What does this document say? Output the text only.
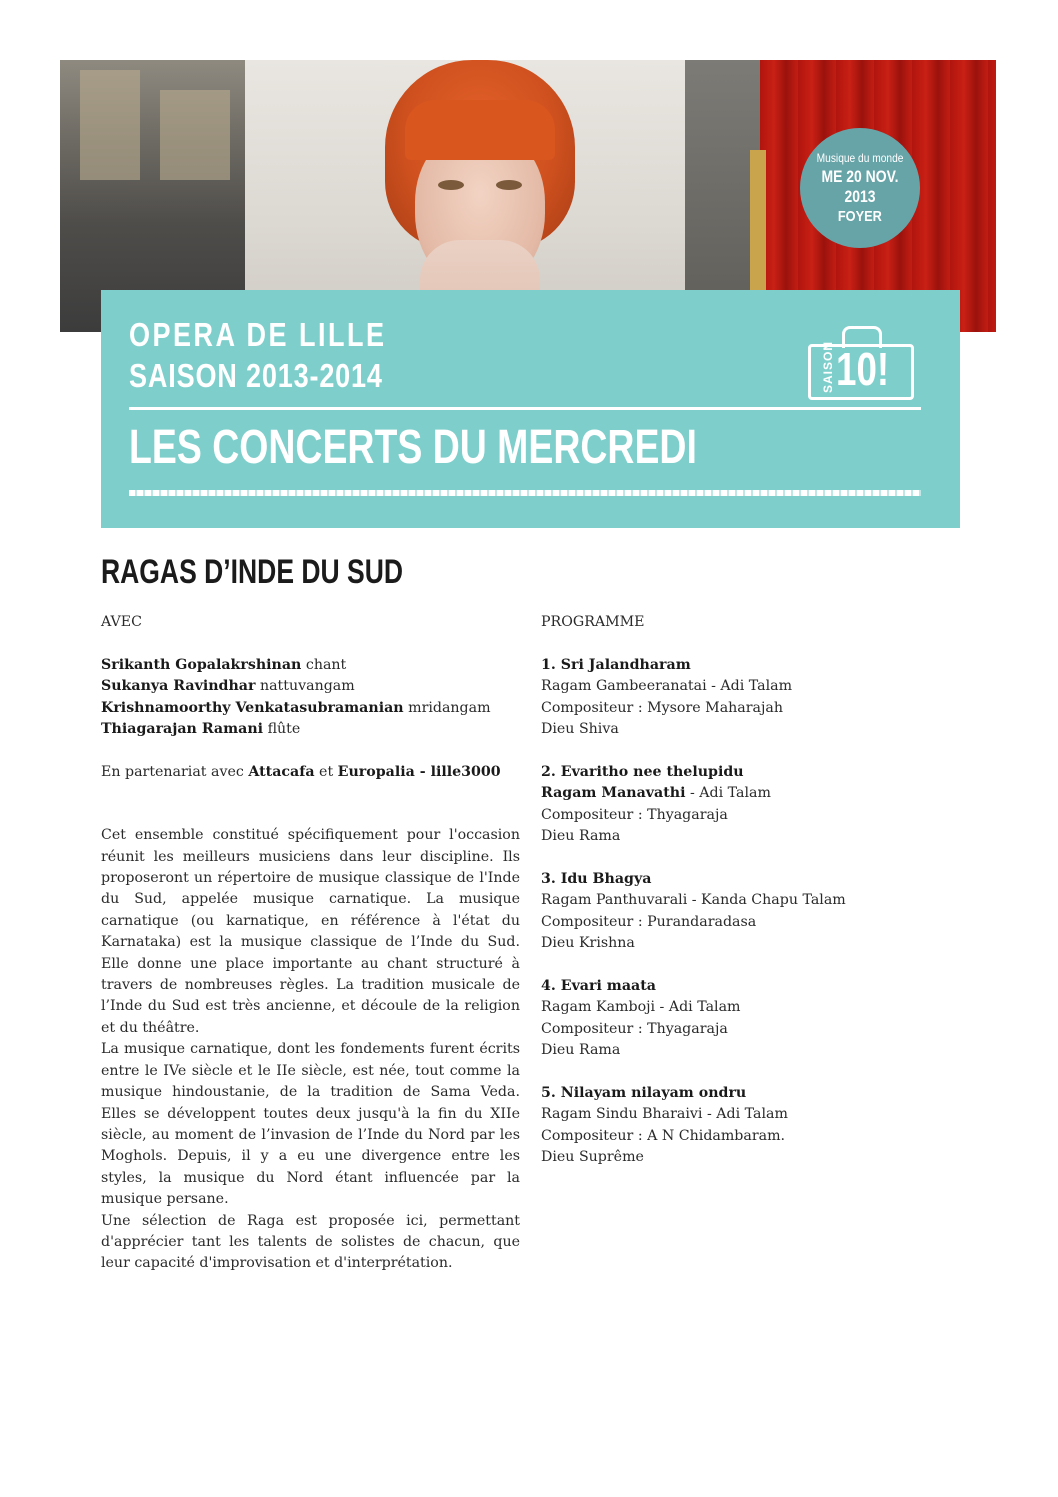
Musique du monde
ME 20 NOV. 2013
FOYER
OPERA DE LILLE
SAISON 2013-2014	SAISON 10!
LES CONCERTS DU MERCREDI
RAGAS D’INDE DU SUD
AVEC
Srikanth Gopalakrshinan chant
Sukanya Ravindhar nattuvangam
Krishnamoorthy Venkatasubramanian mridangam
Thiagarajan Ramani flûte
En partenariat avec Attacafa et Europalia - lille3000

Cet ensemble constitué spécifiquement pour l'occasion réunit les meilleurs musiciens dans leur discipline. Ils proposeront un répertoire de musique classique de l'Inde du Sud, appelée musique carnatique. La musique carnatique (ou karnatique, en référence à l'état du Karnataka) est la musique classique de l’Inde du Sud. Elle donne une place importante au chant structuré à travers de nombreuses règles. La tradition musicale de l’Inde du Sud est très ancienne, et découle de la religion et du théâtre.

La musique carnatique, dont les fondements furent écrits entre le IVe siècle et le IIe siècle, est née, tout comme la musique hindoustanie, de la tradition de Sama Veda. Elles se développent toutes deux jusqu'à la fin du XIIe siècle, au moment de l’invasion de l’Inde du Nord par les Moghols. Depuis, il y a eu une divergence entre les styles, la musique du Nord étant influencée par la musique persane.

Une sélection de Raga est proposée ici, permettant d'apprécier tant les talents de solistes de chacun, que leur capacité d'improvisation et d'interprétation.

PROGRAMME
1. Sri Jalandharam
Ragam Gambeeranatai - Adi Talam
Compositeur : Mysore Maharajah
Dieu Shiva
2. Evaritho nee thelupidu
Ragam Manavathi - Adi Talam
Compositeur : Thyagaraja
Dieu Rama
3. Idu Bhagya
Ragam Panthuvarali - Kanda Chapu Talam
Compositeur : Purandaradasa
Dieu Krishna
4. Evari maata
Ragam Kamboji - Adi Talam
Compositeur : Thyagaraja
Dieu Rama
5. Nilayam nilayam ondru
Ragam Sindu Bharaivi - Adi Talam
Compositeur : A N Chidambaram.
Dieu Suprême
